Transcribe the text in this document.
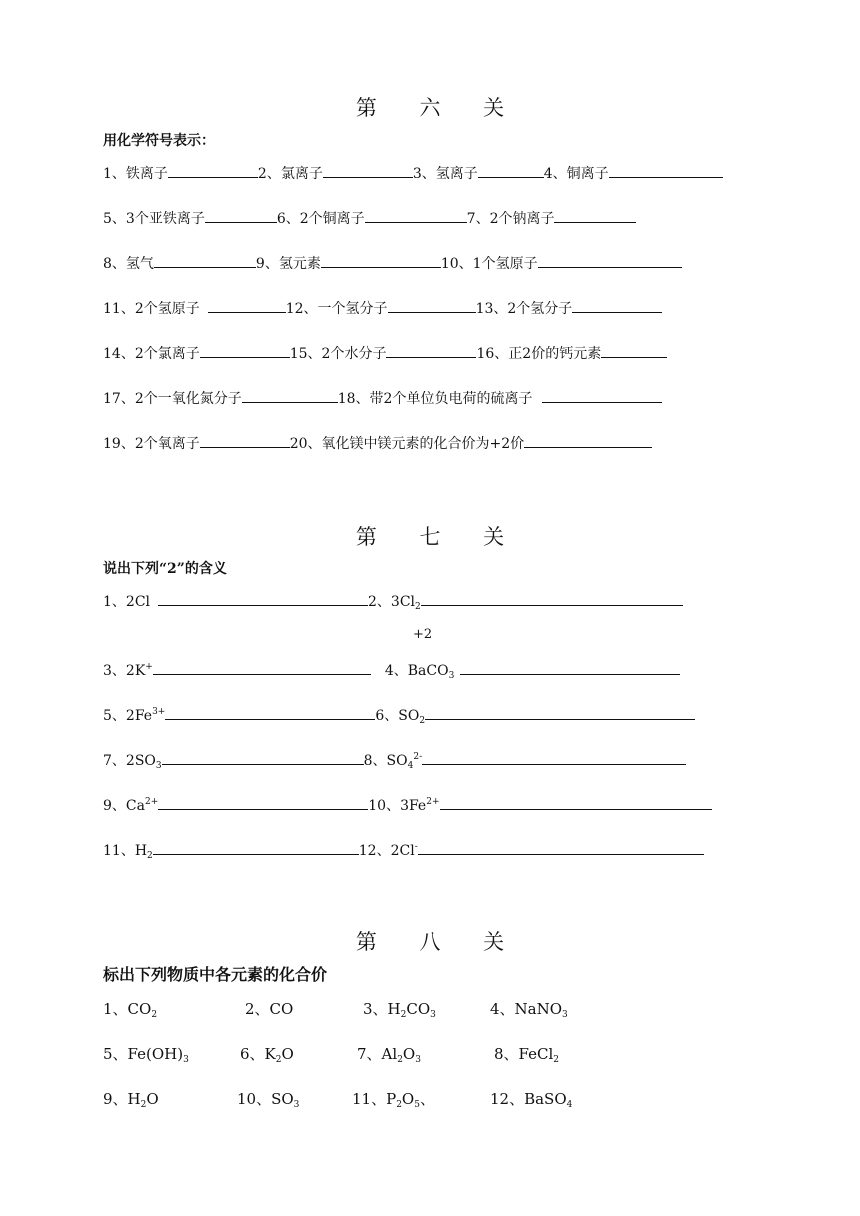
第 六 关
用化学符号表示：
1、铁离子	2、氯离子	3、氢离子	4、铜离子
5、3个亚铁离子	6、2个铜离子	7、2个钠离子
8、氢气	9、氢元素	10、1个氢原子
11、2个氢原子	12、一个氢分子	13、2个氢分子
14、2个氯离子	15、2个水分子	16、正2价的钙元素
17、2个一氧化氮分子	18、带2个单位负电荷的硫离子
19、2个氧离子	20、氧化镁中镁元素的化合价为+2价
第 七 关
说出下列“2”的含义
1、2Cl	2、$3Cl_2$
+2
3、2K+	4、BaCO$_3$
5、$2Fe^{3+}$	6、$SO_2$
7、$2SO_3$	8、$SO_4^{2-}$
9、$Ca^{2+}$	10、$3Fe^{2+}$
11、$H_2$	12、2Cl-
第 八 关
标出下列物质中各元素的化合价
1、$CO_2$	2、CO	3、$H_2CO_3$	4、NaNO$_3$
5、$Fe(OH)_3$	6、$K_2O$	7、$Al_2O_3$	8、FeCl$_2$
9、$H_2O$	10、$SO_3$	11、$P_2O_5$、	12、BaSO$_4$
